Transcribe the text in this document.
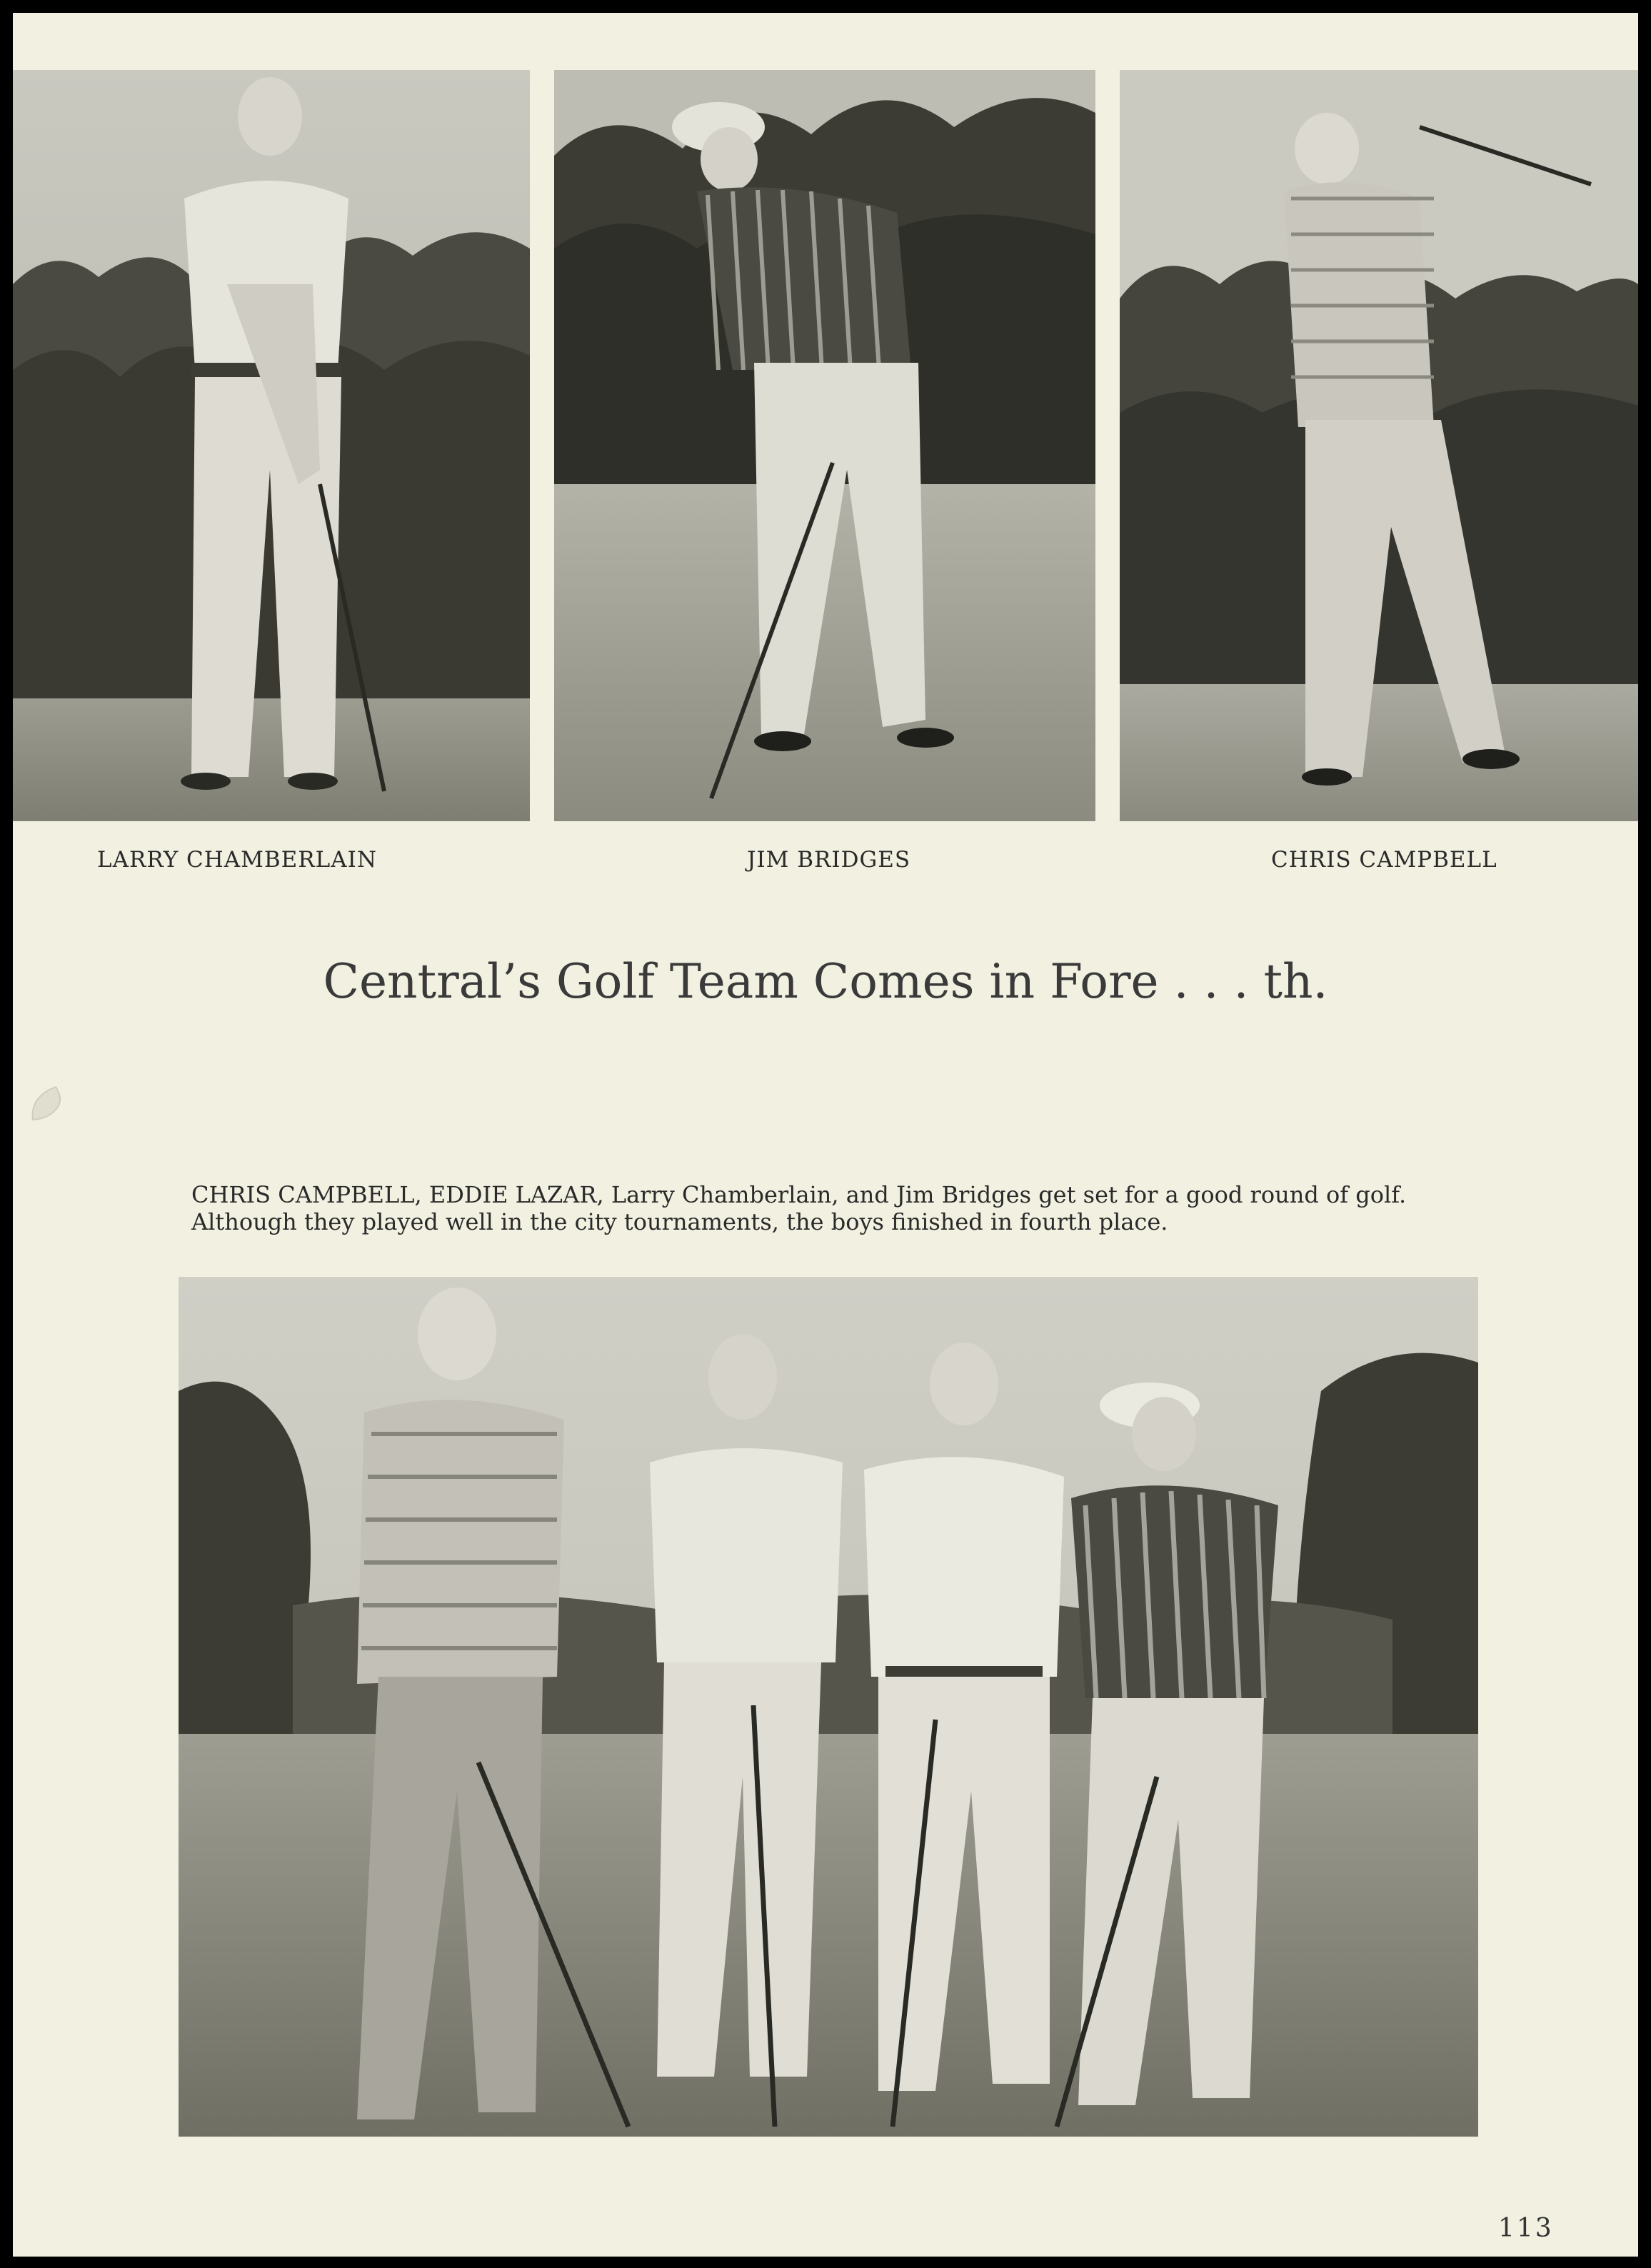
LARRY CHAMBERLAIN	JIM BRIDGES	CHRIS CAMPBELL
Central’s Golf Team Comes in Fore . . . th.
CHRIS CAMPBELL, EDDIE LAZAR, Larry Chamberlain, and Jim Bridges get set for a good round of golf.
Although they played well in the city tournaments, the boys finished in fourth place.
113
